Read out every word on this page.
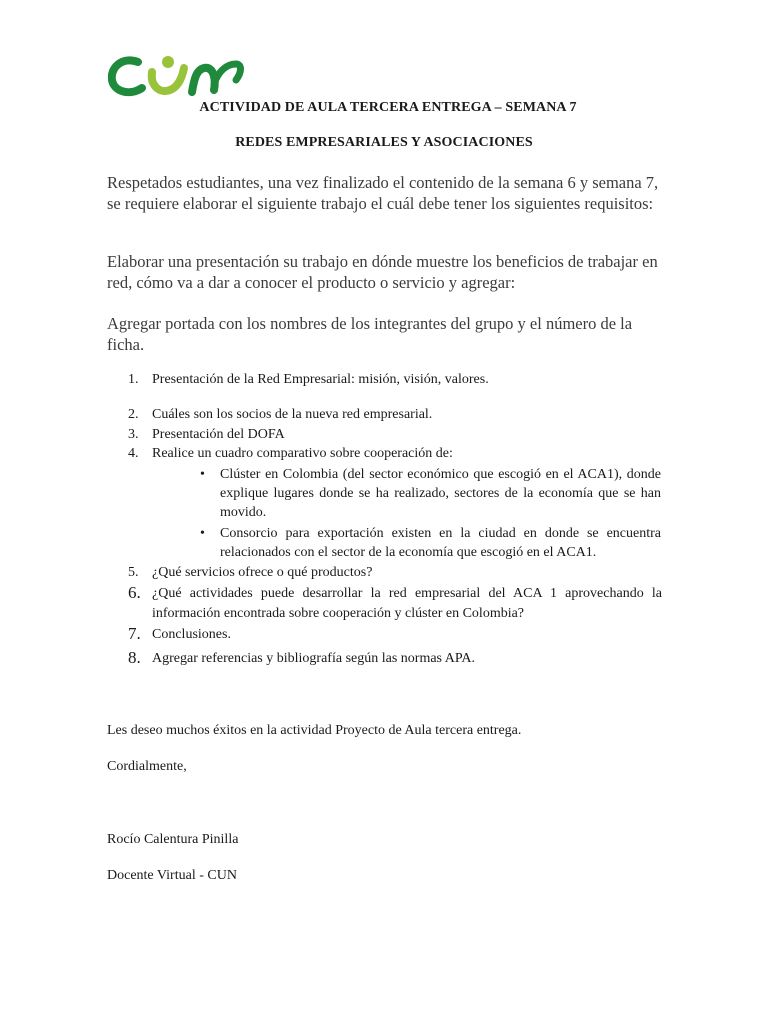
ACTIVIDAD DE AULA TERCERA ENTREGA – SEMANA 7
REDES EMPRESARIALES Y ASOCIACIONES
Respetados estudiantes, una vez finalizado el contenido de la semana 6 y semana 7, se requiere elaborar el siguiente trabajo el cuál debe tener los siguientes requisitos:
Elaborar una presentación su trabajo en dónde muestre los beneficios de trabajar en red, cómo va a dar a conocer el producto o servicio y agregar:
Agregar portada con los nombres de los integrantes del grupo y el número de la ficha.
1. Presentación de la Red Empresarial: misión, visión, valores.
2. Cuáles son los socios de la nueva red empresarial.
3. Presentación del DOFA
4. Realice un cuadro comparativo sobre cooperación de:
• Clúster en Colombia (del sector económico que escogió en el ACA1), donde explique lugares donde se ha realizado, sectores de la economía que se han movido.
• Consorcio para exportación existen en la ciudad en donde se encuentra relacionados con el sector de la economía que escogió en el ACA1.
5. ¿Qué servicios ofrece o qué productos?
6. ¿Qué actividades puede desarrollar la red empresarial del ACA 1 aprovechando la información encontrada sobre cooperación y clúster en Colombia?
7. Conclusiones.
8. Agregar referencias y bibliografía según las normas APA.
Les deseo muchos éxitos en la actividad Proyecto de Aula tercera entrega.
Cordialmente,
Rocío Calentura Pinilla
Docente Virtual - CUN
